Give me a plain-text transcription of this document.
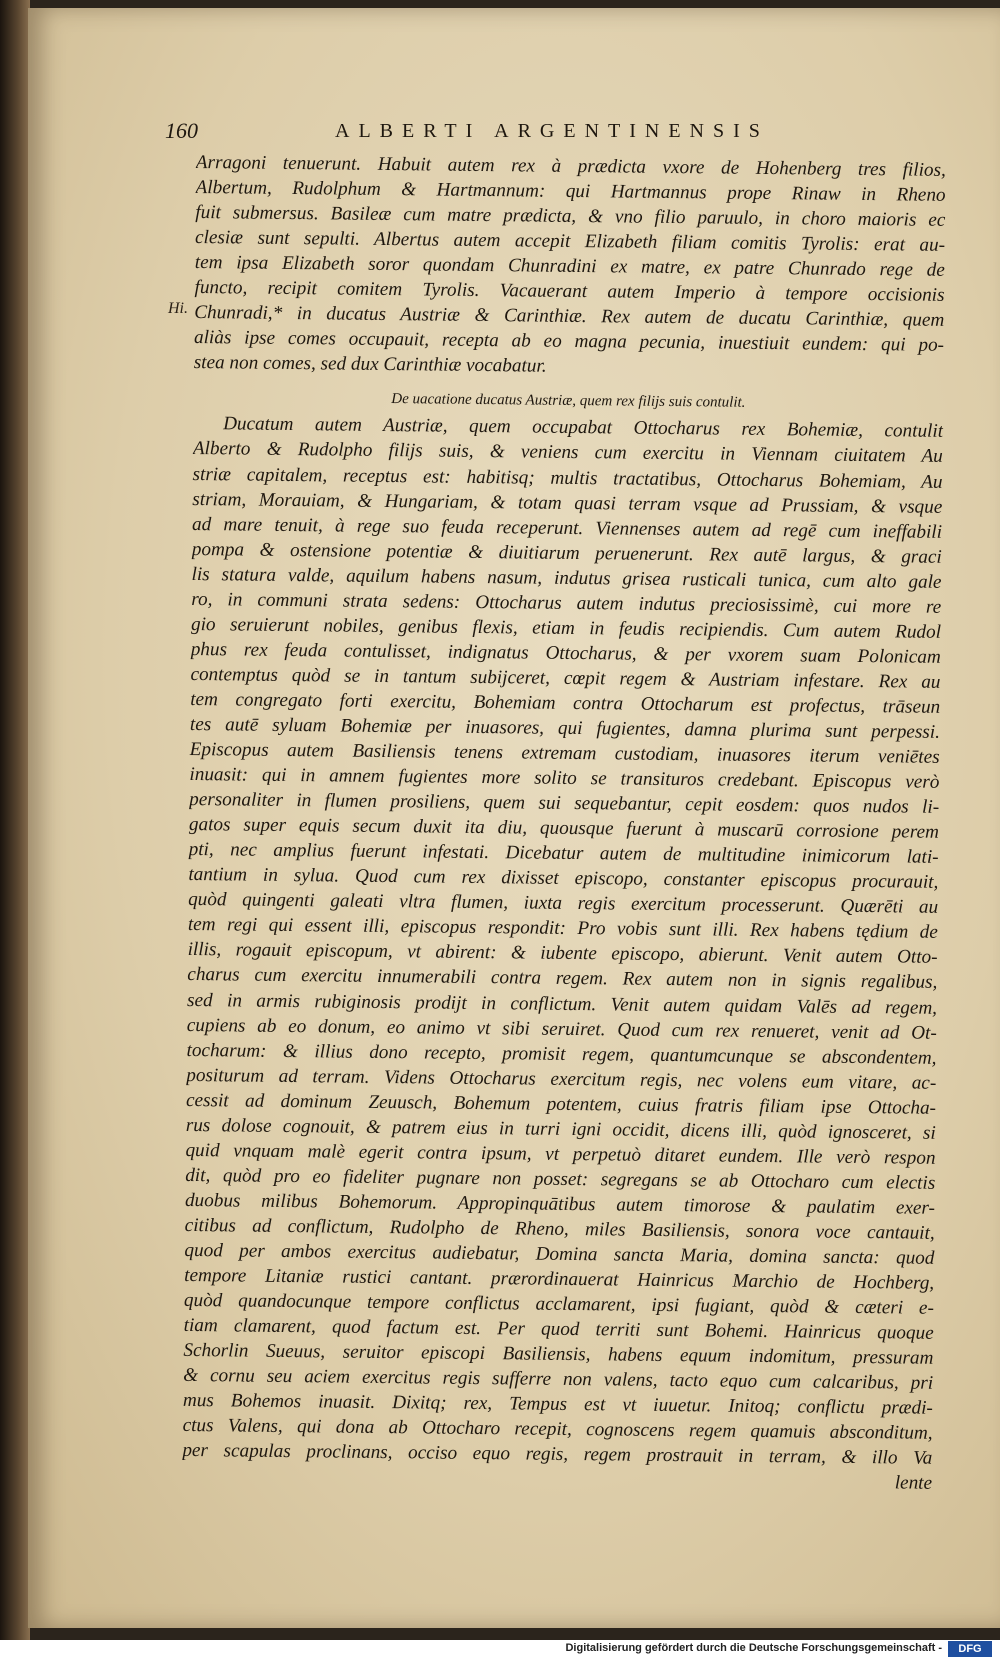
160	ALBERTI ARGENTINENSIS
Hi.
Arragoni tenuerunt. Habuit autem rex à prædicta vxore de Hohenberg tres filios,
Albertum, Rudolphum & Hartmannum: qui Hartmannus prope Rinaw in Rheno
fuit submersus. Basileæ cum matre prædicta, & vno filio paruulo, in choro maioris ec
clesiæ sunt sepulti. Albertus autem accepit Elizabeth filiam comitis Tyrolis: erat au-
tem ipsa Elizabeth soror quondam Chunradini ex matre, ex patre Chunrado rege de
functo, recipit comitem Tyrolis. Vacauerant autem Imperio à tempore occisionis
Chunradi,* in ducatus Austriæ & Carinthiæ. Rex autem de ducatu Carinthiæ, quem
aliàs ipse comes occupauit, recepta ab eo magna pecunia, inuestiuit eundem: qui po-
stea non comes, sed dux Carinthiæ vocabatur.
De uacatione ducatus Austriæ, quem rex filijs suis contulit.
Ducatum autem Austriæ, quem occupabat Ottocharus rex Bohemiæ, contulit
Alberto & Rudolpho filijs suis, & veniens cum exercitu in Viennam ciuitatem Au
striæ capitalem, receptus est: habitisq; multis tractatibus, Ottocharus Bohemiam, Au
striam, Morauiam, & Hungariam, & totam quasi terram vsque ad Prussiam, & vsque
ad mare tenuit, à rege suo feuda receperunt. Viennenses autem ad regē cum ineffabili
pompa & ostensione potentiæ & diuitiarum peruenerunt. Rex autē largus, & graci
lis statura valde, aquilum habens nasum, indutus grisea rusticali tunica, cum alto gale
ro, in communi strata sedens: Ottocharus autem indutus preciosissimè, cui more re
gio seruierunt nobiles, genibus flexis, etiam in feudis recipiendis. Cum autem Rudol
phus rex feuda contulisset, indignatus Ottocharus, & per vxorem suam Polonicam
contemptus quòd se in tantum subijceret, cœpit regem & Austriam infestare. Rex au
tem congregato forti exercitu, Bohemiam contra Ottocharum est profectus, trāseun
tes autē syluam Bohemiæ per inuasores, qui fugientes, damna plurima sunt perpessi.
Episcopus autem Basiliensis tenens extremam custodiam, inuasores iterum veniētes
inuasit: qui in amnem fugientes more solito se transituros credebant. Episcopus verò
personaliter in flumen prosiliens, quem sui sequebantur, cepit eosdem: quos nudos li-
gatos super equis secum duxit ita diu, quousque fuerunt à muscarū corrosione perem
pti, nec amplius fuerunt infestati. Dicebatur autem de multitudine inimicorum lati-
tantium in sylua. Quod cum rex dixisset episcopo, constanter episcopus procurauit,
quòd quingenti galeati vltra flumen, iuxta regis exercitum processerunt. Quærēti au
tem regi qui essent illi, episcopus respondit: Pro vobis sunt illi. Rex habens tędium de
illis, rogauit episcopum, vt abirent: & iubente episcopo, abierunt. Venit autem Otto-
charus cum exercitu innumerabili contra regem. Rex autem non in signis regalibus,
sed in armis rubiginosis prodijt in conflictum. Venit autem quidam Valēs ad regem,
cupiens ab eo donum, eo animo vt sibi seruiret. Quod cum rex renueret, venit ad Ot-
tocharum: & illius dono recepto, promisit regem, quantumcunque se abscondentem,
positurum ad terram. Videns Ottocharus exercitum regis, nec volens eum vitare, ac-
cessit ad dominum Zeuusch, Bohemum potentem, cuius fratris filiam ipse Ottocha-
rus dolose cognouit, & patrem eius in turri igni occidit, dicens illi, quòd ignosceret, si
quid vnquam malè egerit contra ipsum, vt perpetuò ditaret eundem. Ille verò respon
dit, quòd pro eo fideliter pugnare non posset: segregans se ab Ottocharo cum electis
duobus milibus Bohemorum. Appropinquātibus autem timorose & paulatim exer-
citibus ad conflictum, Rudolpho de Rheno, miles Basiliensis, sonora voce cantauit,
quod per ambos exercitus audiebatur, Domina sancta Maria, domina sancta: quod
tempore Litaniæ rustici cantant. prærordinauerat Hainricus Marchio de Hochberg,
quòd quandocunque tempore conflictus acclamarent, ipsi fugiant, quòd & cæteri e-
tiam clamarent, quod factum est. Per quod territi sunt Bohemi. Hainricus quoque
Schorlin Sueuus, seruitor episcopi Basiliensis, habens equum indomitum, pressuram
& cornu seu aciem exercitus regis sufferre non valens, tacto equo cum calcaribus, pri
mus Bohemos inuasit. Dixitq; rex, Tempus est vt iuuetur. Initoq; conflictu prædi-
ctus Valens, qui dona ab Ottocharo recepit, cognoscens regem quamuis absconditum,
per scapulas proclinans, occiso equo regis, regem prostrauit in terram, & illo Va
lente
Digitalisierung gefördert durch die Deutsche Forschungsgemeinschaft -	DFG
